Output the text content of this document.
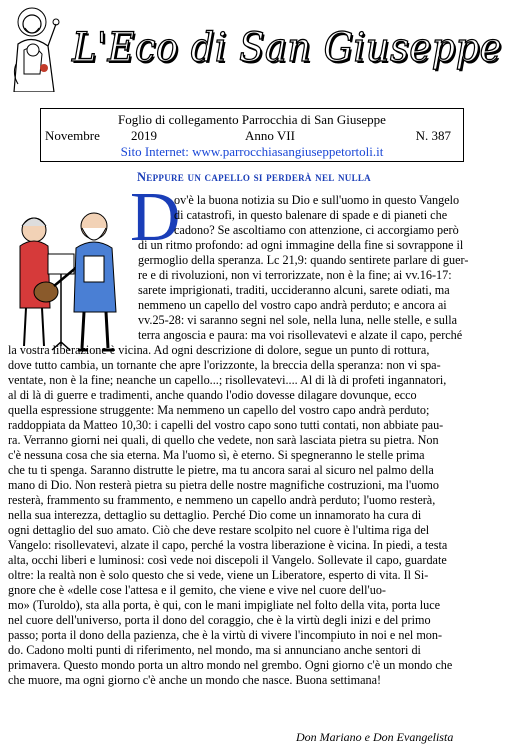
L'Eco di San Giuseppe
Foglio di collegamento Parrocchia di San Giuseppe
Novembre 2019	Anno VII	N. 387
Sito Internet: www.parrocchiasangiuseppetortoli.it
Neppure un capello si perderà nel nulla
D
ov'è la buona notizia su Dio e sull'uomo in questo Vangelo
di catastrofi, in questo balenare di spade e di pianeti che
cadono? Se ascoltiamo con attenzione, ci accorgiamo però
di un ritmo profondo: ad ogni immagine della fine si sovrappone il
germoglio della speranza. Lc 21,9: quando sentirete parlare di guer-
re e di rivoluzioni, non vi terrorizzate, non è la fine; ai vv.16-17:
sarete imprigionati, traditi, uccideranno alcuni, sarete odiati, ma
nemmeno un capello del vostro capo andrà perduto; e ancora ai
vv.25-28: vi saranno segni nel sole, nella luna, nelle stelle, e sulla
terra angoscia e paura: ma voi risollevatevi e alzate il capo, perché
la vostra liberazione è vicina. Ad ogni descrizione di dolore, segue un punto di rottura,
dove tutto cambia, un tornante che apre l'orizzonte, la breccia della speranza: non vi spa-
ventate, non è la fine; neanche un capello...; risollevatevi.... Al di là di profeti ingannatori,
al di là di guerre e tradimenti, anche quando l'odio dovesse dilagare dovunque, ecco
quella espressione struggente: Ma nemmeno un capello del vostro capo andrà perduto;
raddoppiata da Matteo 10,30: i capelli del vostro capo sono tutti contati, non abbiate pau-
ra. Verranno giorni nei quali, di quello che vedete, non sarà lasciata pietra su pietra. Non
c'è nessuna cosa che sia eterna. Ma l'uomo sì, è eterno. Si spegneranno le stelle prima
che tu ti spenga. Saranno distrutte le pietre, ma tu ancora sarai al sicuro nel palmo della
mano di Dio. Non resterà pietra su pietra delle nostre magnifiche costruzioni, ma l'uomo
resterà, frammento su frammento, e nemmeno un capello andrà perduto; l'uomo resterà,
nella sua interezza, dettaglio su dettaglio. Perché Dio come un innamorato ha cura di
ogni dettaglio del suo amato. Ciò che deve restare scolpito nel cuore è l'ultima riga del
Vangelo: risollevatevi, alzate il capo, perché la vostra liberazione è vicina. In piedi, a testa
alta, occhi liberi e luminosi: così vede noi discepoli il Vangelo. Sollevate il capo, guardate
oltre: la realtà non è solo questo che si vede, viene un Liberatore, esperto di vita. Il Si-
gnore che è «delle cose l'attesa e il gemito, che viene e vive nel cuore dell'uo-
mo» (Turoldo), sta alla porta, è qui, con le mani impigliate nel folto della vita, porta luce
nel cuore dell'universo, porta il dono del coraggio, che è la virtù degli inizi e del primo
passo; porta il dono della pazienza, che è la virtù di vivere l'incompiuto in noi e nel mon-
do. Cadono molti punti di riferimento, nel mondo, ma si annunciano anche sentori di
primavera. Questo mondo porta un altro mondo nel grembo. Ogni giorno c'è un mondo che
che muore, ma ogni giorno c'è anche un mondo che nasce. Buona settimana!
Don Mariano e Don Evangelista
